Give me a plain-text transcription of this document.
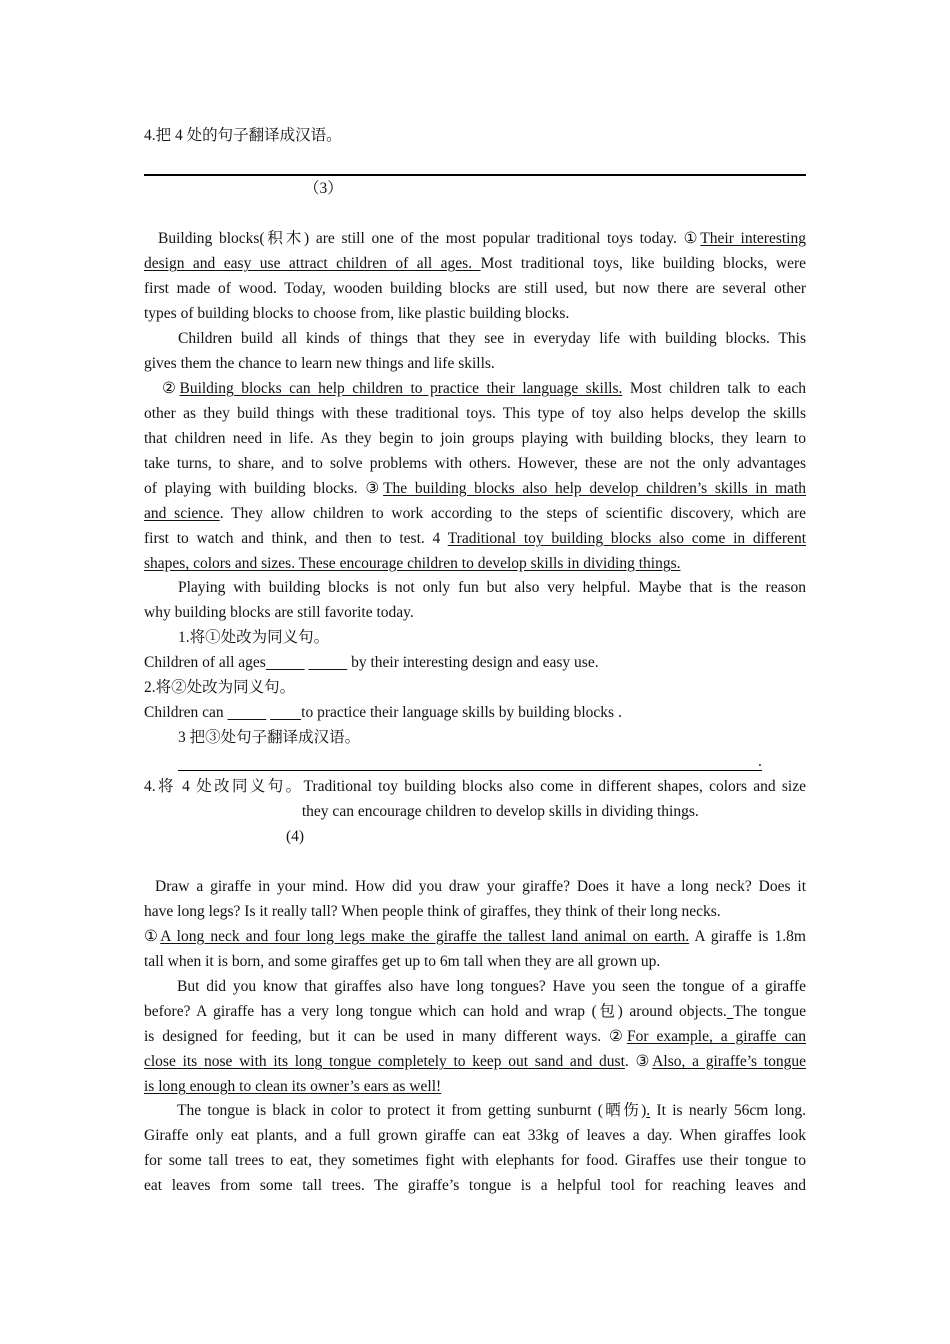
4.把 4 处的句子翻译成汉语。
（3）
Building blocks(积木) are still one of the most popular traditional toys today. ①Their interesting
design and easy use attract children of all ages. Most traditional toys, like building blocks, were
first made of wood. Today, wooden building blocks are still used, but now there are several other
types of building blocks to choose from, like plastic building blocks.
Children build all kinds of things that they see in everyday life with building blocks. This
gives them the chance to learn new things and life skills.
②Building blocks can help children to practice their language skills. Most children talk to each
other as they build things with these traditional toys. This type of toy also helps develop the skills
that children need in life. As they begin to join groups playing with building blocks, they learn to
take turns, to share, and to solve problems with others. However, these are not the only advantages
of playing with building blocks. ③The building blocks also help develop children’s skills in math
and science. They allow children to work according to the steps of scientific discovery, which are
first to watch and think, and then to test. 4 Traditional toy building blocks also come in different
shapes, colors and sizes. These encourage children to develop skills in dividing things.
Playing with building blocks is not only fun but also very helpful. Maybe that is the reason
why building blocks are still favorite today.
1.将①处改为同义句。
Children of all ages                     	by their interesting design and easy use.
2.将②处改为同义句。
Children can                    	to practice their language skills by building blocks .
3 把③处句子翻译成汉语。
.
4.将 4 处改同义句。Traditional toy building blocks also come in different shapes, colors and size
they can encourage children to develop skills in dividing things.
(4)
Draw a giraffe in your mind. How did you draw your giraffe? Does it have a long neck? Does it
have long legs? Is it really tall? When people think of giraffes, they think of their long necks.
①A long neck and four long legs make the giraffe the tallest land animal on earth. A giraffe is 1.8m
tall when it is born, and some giraffes get up to 6m tall when they are all grown up.
But did you know that giraffes also have long tongues? Have you seen the tongue of a giraffe
before? A giraffe has a very long tongue which can hold and wrap (包) around objects. The tongue
is designed for feeding, but it can be used in many different ways. ②For example, a giraffe can
close its nose with its long tongue completely to keep out sand and dust. ③Also, a giraffe’s tongue
is long enough to clean its owner’s ears as well!
The tongue is black in color to protect it from getting sunburnt (晒伤). It is nearly 56cm long.
Giraffe only eat plants, and a full grown giraffe can eat 33kg of leaves a day. When giraffes look
for some tall trees to eat, they sometimes fight with elephants for food. Giraffes use their tongue to
eat leaves from some tall trees. The giraffe’s tongue is a helpful tool for reaching leaves and
